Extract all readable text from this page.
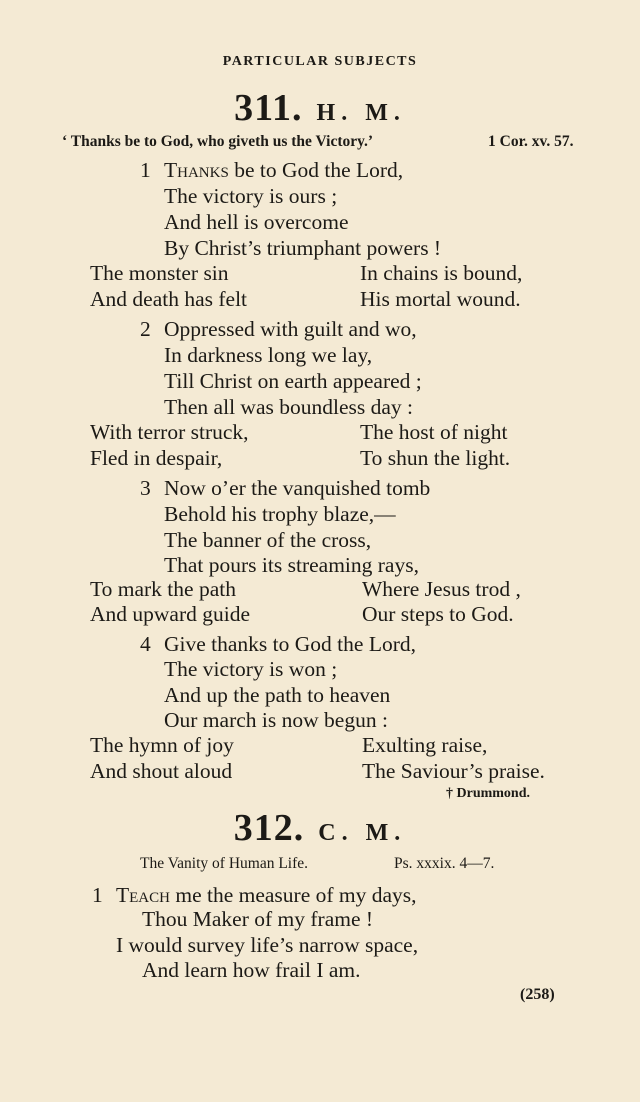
PARTICULAR SUBJECTS
311. H. M.
‘ Thanks be to God, who giveth us the Victory.’	1 Cor. xv. 57.
1 Thanks be to God the Lord,
The victory is ours ;
And hell is overcome
By Christ’s triumphant powers !
The monster sin	In chains is bound,
And death has felt	His mortal wound.
2 Oppressed with guilt and wo,
In darkness long we lay,
Till Christ on earth appeared ;
Then all was boundless day :
With terror struck,	The host of night
Fled in despair,	To shun the light.
3 Now o’er the vanquished tomb
Behold his trophy blaze,—
The banner of the cross,
That pours its streaming rays,
To mark the path	Where Jesus trod ,
And upward guide	Our steps to God.
4 Give thanks to God the Lord,
The victory is won ;
And up the path to heaven
Our march is now begun :
The hymn of joy	Exulting raise,
And shout aloud	The Saviour’s praise.
† Drummond.
312. C. M.
The Vanity of Human Life.	Ps. xxxix. 4—7.
1 Teach me the measure of my days,
Thou Maker of my frame !
I would survey life’s narrow space,
And learn how frail I am.
(258)
